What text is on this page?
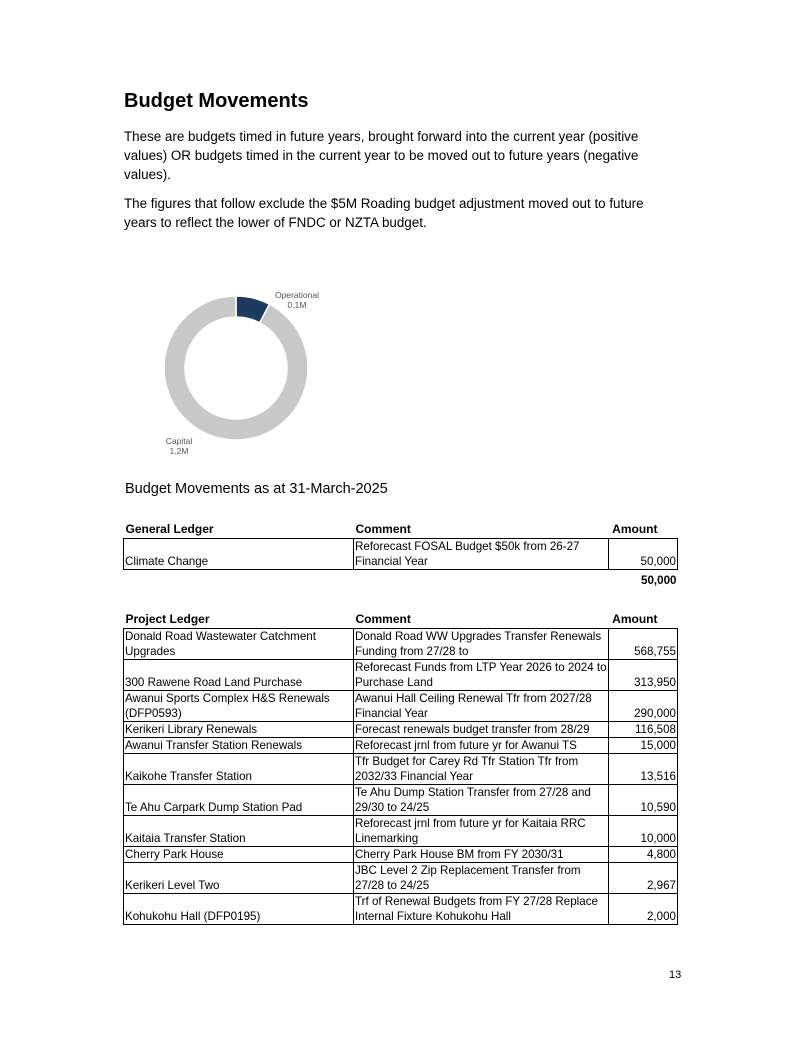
Budget Movements

These are budgets timed in future years, brought forward into the current year (positive values) OR budgets timed in the current year to be moved out to future years (negative values).

The figures that follow exclude the $5M Roading budget adjustment moved out to future years to reflect the lower of FNDC or NZTA budget.

Operational
0.1M
Capital
1.2M

Budget Movements as at 31-March-2025

General Ledger	Comment	Amount
Climate Change	Reforecast FOSAL Budget $50k from 26-27 Financial Year	50,000
		50,000
Project Ledger	Comment	Amount
Donald Road Wastewater Catchment Upgrades	Donald Road WW Upgrades Transfer Renewals Funding from 27/28 to	568,755
300 Rawene Road Land Purchase	Reforecast Funds from LTP Year 2026 to 2024 to Purchase Land	313,950
Awanui Sports Complex H&S Renewals (DFP0593)	Awanui Hall Ceiling Renewal Tfr from 2027/28 Financial Year	290,000
Kerikeri Library Renewals	Forecast renewals budget transfer from 28/29	116,508
Awanui Transfer Station Renewals	Reforecast jrnl from future yr for Awanui TS	15,000
Kaikohe Transfer Station	Tfr Budget for Carey Rd Tfr Station Tfr from 2032/33 Financial Year	13,516
Te Ahu Carpark Dump Station Pad	Te Ahu Dump Station Transfer from 27/28 and 29/30 to 24/25	10,590
Kaitaia Transfer Station	Reforecast jrnl from future yr for Kaitaia RRC Linemarking	10,000
Cherry Park House	Cherry Park House BM from FY 2030/31	4,800
Kerikeri Level Two	JBC Level 2 Zip Replacement Transfer from 27/28 to 24/25	2,967
Kohukohu Hall (DFP0195)	Trf of Renewal Budgets from FY 27/28 Replace Internal Fixture Kohukohu Hall	2,000
13
